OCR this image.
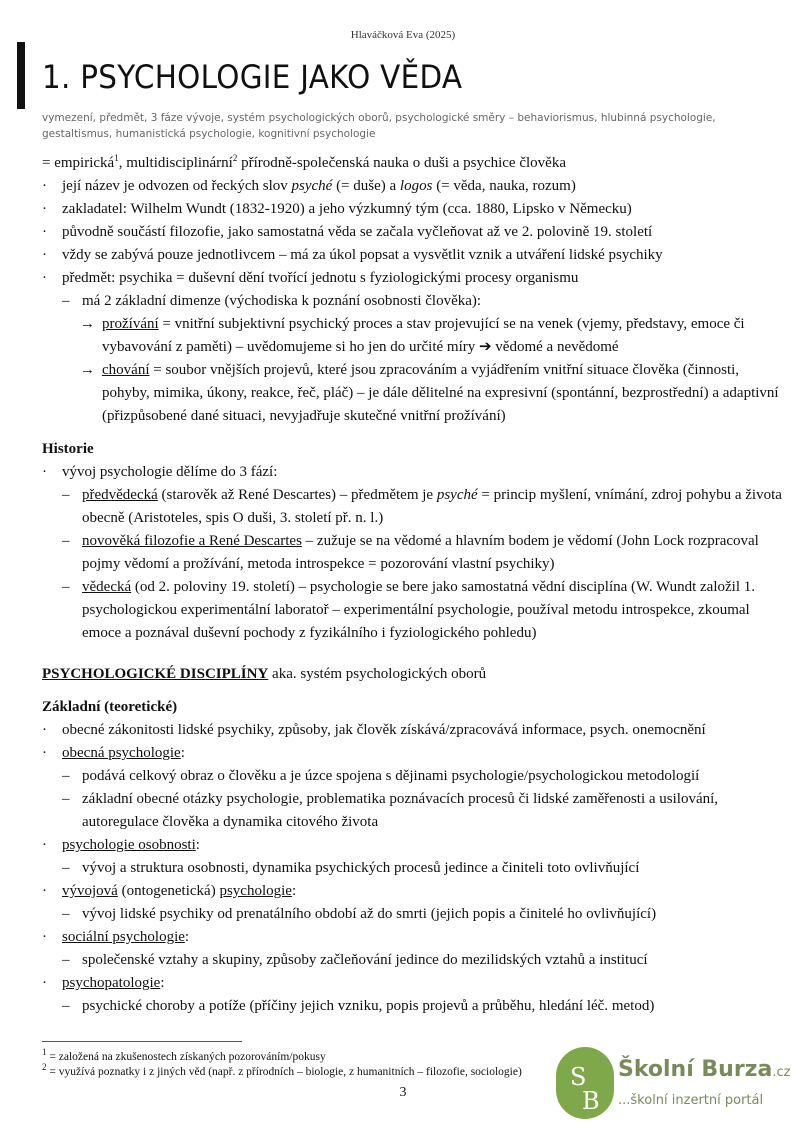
Hlaváčková Eva (2025)
1. PSYCHOLOGIE JAKO VĚDA
vymezení, předmět, 3 fáze vývoje, systém psychologických oborů, psychologické směry – behaviorismus, hlubinná psychologie, gestaltismus, humanistická psychologie, kognitivní psychologie
= empirická$^1$, multidisciplinární$^2$ přírodně-společenská nauka o duši a psychice člověka
· její název je odvozen od řeckých slov psyché (= duše) a logos (= věda, nauka, rozum)
· zakladatel: Wilhelm Wundt (1832-1920) a jeho výzkumný tým (cca. 1880, Lipsko v Německu)
· původně součástí filozofie, jako samostatná věda se začala vyčleňovat až ve 2. polovině 19. století
· vždy se zabývá pouze jednotlivcem – má za úkol popsat a vysvětlit vznik a utváření lidské psychiky
· předmět: psychika = duševní dění tvořící jednotu s fyziologickými procesy organismu
– má 2 základní dimenze (východiska k poznání osobnosti člověka):
→ prožívání = vnitřní subjektivní psychický proces a stav projevující se na venek (vjemy, představy, emoce či vybavování z paměti) – uvědomujeme si ho jen do určité míry ➔ vědomé a nevědomé
→ chování = soubor vnějších projevů, které jsou zpracováním a vyjádřením vnitřní situace člověka (činnosti, pohyby, mimika, úkony, reakce, řeč, pláč) – je dále dělitelné na expresivní (spontánní, bezprostřední) a adaptivní (přizpůsobené dané situaci, nevyjadřuje skutečné vnitřní prožívání)
Historie
· vývoj psychologie dělíme do 3 fází:
– předvědecká (starověk až René Descartes) – předmětem je psyché = princip myšlení, vnímání, zdroj pohybu a života obecně (Aristoteles, spis O duši, 3. století př. n. l.)
– novověká filozofie a René Descartes – zužuje se na vědomé a hlavním bodem je vědomí (John Lock rozpracoval pojmy vědomí a prožívání, metoda introspekce = pozorování vlastní psychiky)
– vědecká (od 2. poloviny 19. století) – psychologie se bere jako samostatná vědní disciplína (W. Wundt založil 1. psychologickou experimentální laboratoř – experimentální psychologie, používal metodu introspekce, zkoumal emoce a poznával duševní pochody z fyzikálního i fyziologického pohledu)
PSYCHOLOGICKÉ DISCIPLÍNY aka. systém psychologických oborů
Základní (teoretické)
· obecné zákonitosti lidské psychiky, způsoby, jak člověk získává/zpracovává informace, psych. onemocnění
· obecná psychologie:
– podává celkový obraz o člověku a je úzce spojena s dějinami psychologie/psychologickou metodologií
– základní obecné otázky psychologie, problematika poznávacích procesů či lidské zaměřenosti a usilování, autoregulace člověka a dynamika citového života
· psychologie osobnosti:
– vývoj a struktura osobnosti, dynamika psychických procesů jedince a činiteli toto ovlivňující
· vývojová (ontogenetická) psychologie:
– vývoj lidské psychiky od prenatálního období až do smrti (jejich popis a činitelé ho ovlivňující)
· sociální psychologie:
– společenské vztahy a skupiny, způsoby začleňování jedince do mezilidských vztahů a institucí
· psychopatologie:
– psychické choroby a potíže (příčiny jejich vzniku, popis projevů a průběhu, hledání léč. metod)
$^1$ = založená na zkušenostech získaných pozorováním/pokusy
$^2$ = využívá poznatky i z jiných věd (např. z přírodních – biologie, z humanitních – filozofie, sociologie)
3
S
B
Školní Burza.cz
...školní inzertní portál
